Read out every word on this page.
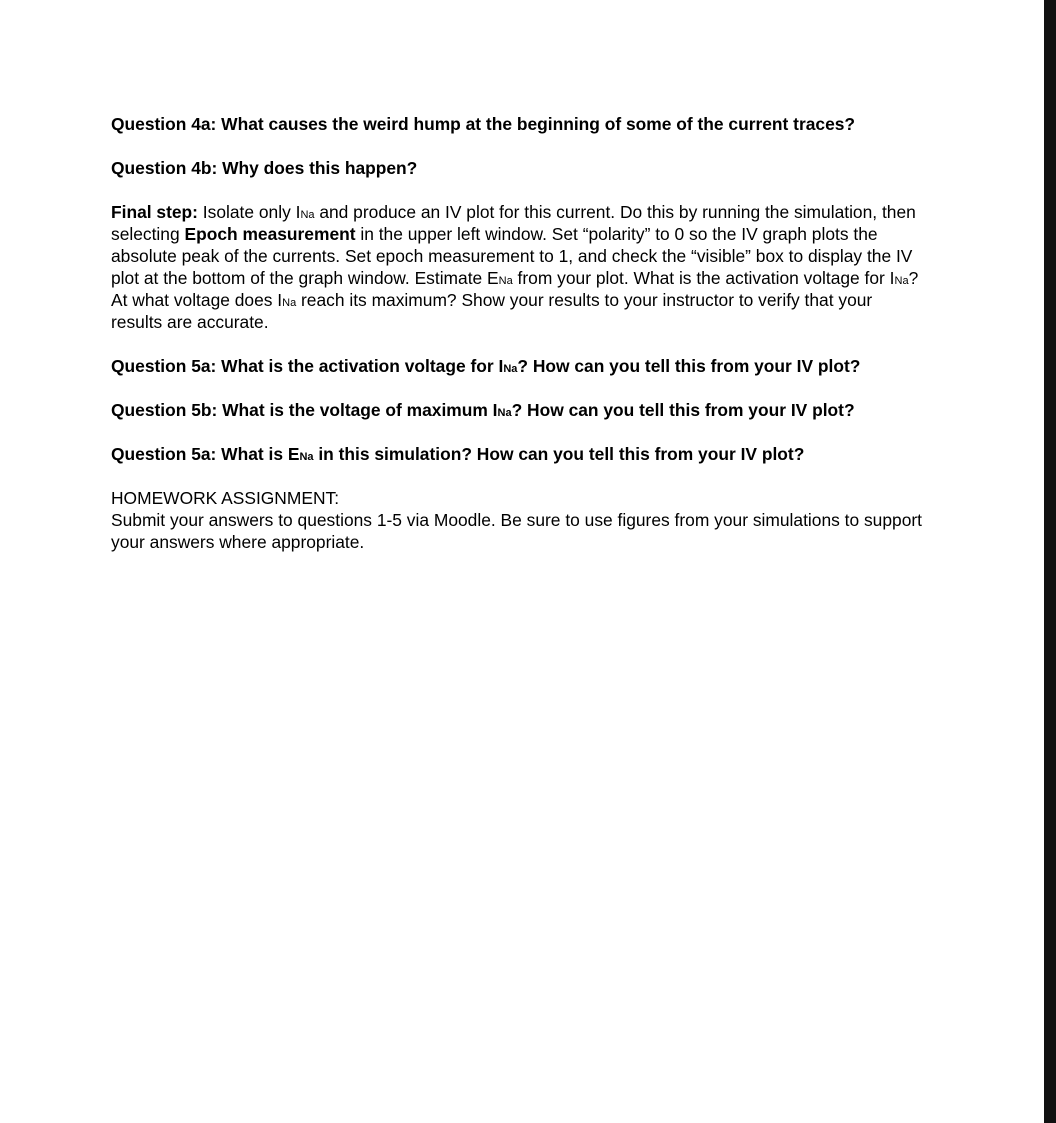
Question 4a: What causes the weird hump at the beginning of some of the current traces?

Question 4b: Why does this happen?

Final step: Isolate only INa and produce an IV plot for this current. Do this by running the simulation, then selecting Epoch measurement in the upper left window. Set “polarity” to 0 so the IV graph plots the absolute peak of the currents. Set epoch measurement to 1, and check the “visible” box to display the IV plot at the bottom of the graph window. Estimate ENa from your plot. What is the activation voltage for INa? At what voltage does INa reach its maximum? Show your results to your instructor to verify that your results are accurate.

Question 5a: What is the activation voltage for INa? How can you tell this from your IV plot?

Question 5b: What is the voltage of maximum INa? How can you tell this from your IV plot?

Question 5a: What is ENa in this simulation? How can you tell this from your IV plot?

HOMEWORK ASSIGNMENT:

Submit your answers to questions 1-5 via Moodle. Be sure to use figures from your simulations to support your answers where appropriate.
